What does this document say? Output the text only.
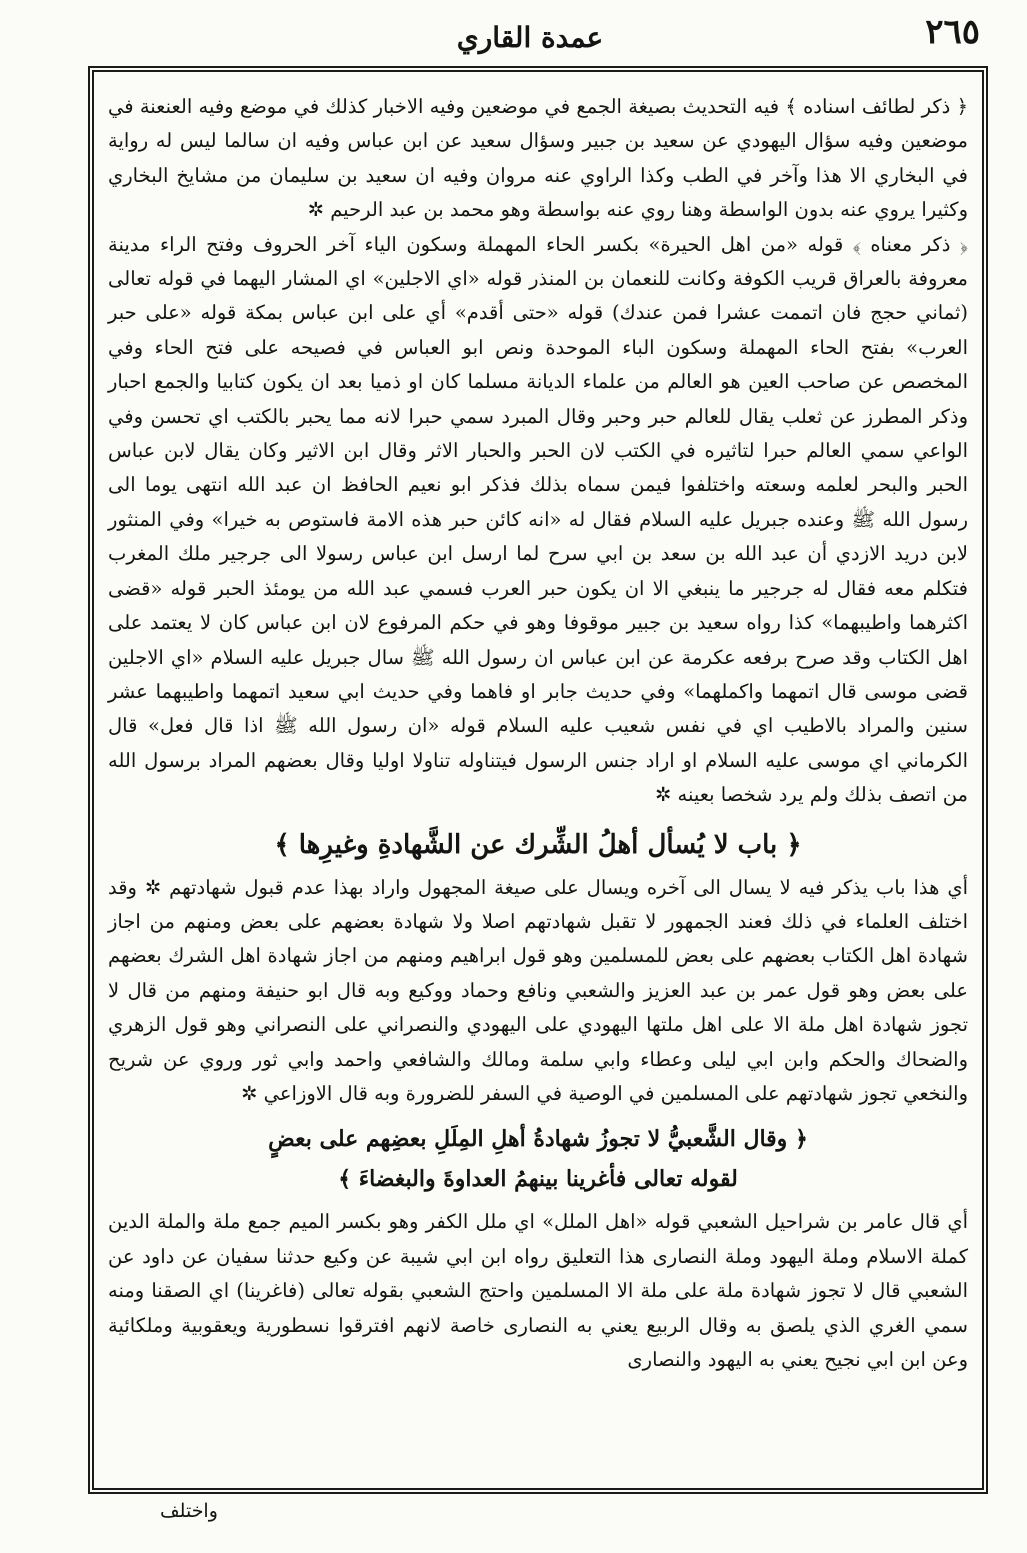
٢٦٥
عمدة القاري

﴿ ذكر لطائف اسناده ﴾ فيه التحديث بصيغة الجمع في موضعين وفيه الاخبار كذلك في موضع وفيه العنعنة في موضعين وفيه سؤال اليهودي عن سعيد بن جبير وسؤال سعيد عن ابن عباس وفيه ان سالما ليس له رواية في البخاري الا هذا وآخر في الطب وكذا الراوي عنه مروان وفيه ان سعيد بن سليمان من مشايخ البخاري وكثيرا يروي عنه بدون الواسطة وهنا روي عنه بواسطة وهو محمد بن عبد الرحيم ✲

﴿ ذكر معناه ﴾ قوله «من اهل الحيرة» بكسر الحاء المهملة وسكون الياء آخر الحروف وفتح الراء مدينة معروفة بالعراق قريب الكوفة وكانت للنعمان بن المنذر قوله «اي الاجلين» اي المشار اليهما في قوله تعالى (ثماني حجج فان اتممت عشرا فمن عندك) قوله «حتى أقدم» أي على ابن عباس بمكة قوله «على حبر العرب» بفتح الحاء المهملة وسكون الباء الموحدة ونص ابو العباس في فصيحه على فتح الحاء وفي المخصص عن صاحب العين هو العالم من علماء الديانة مسلما كان او ذميا بعد ان يكون كتابيا والجمع احبار وذكر المطرز عن ثعلب يقال للعالم حبر وحبر وقال المبرد سمي حبرا لانه مما يحبر بالكتب اي تحسن وفي الواعي سمي العالم حبرا لتاثيره في الكتب لان الحبر والحبار الاثر وقال ابن الاثير وكان يقال لابن عباس الحبر والبحر لعلمه وسعته واختلفوا فيمن سماه بذلك فذكر ابو نعيم الحافظ ان عبد الله انتهى يوما الى رسول الله ﷺ وعنده جبريل عليه السلام فقال له «انه كائن حبر هذه الامة فاستوص به خيرا» وفي المنثور لابن دريد الازدي أن عبد الله بن سعد بن ابي سرح لما ارسل ابن عباس رسولا الى جرجير ملك المغرب فتكلم معه فقال له جرجير ما ينبغي الا ان يكون حبر العرب فسمي عبد الله من يومئذ الحبر قوله «قضى اكثرهما واطيبهما» كذا رواه سعيد بن جبير موقوفا وهو في حكم المرفوع لان ابن عباس كان لا يعتمد على اهل الكتاب وقد صرح برفعه عكرمة عن ابن عباس ان رسول الله ﷺ سال جبريل عليه السلام «اي الاجلين قضى موسى قال اتمهما واكملهما» وفي حديث جابر او فاهما وفي حديث ابي سعيد اتمهما واطيبهما عشر سنين والمراد بالاطيب اي في نفس شعيب عليه السلام قوله «ان رسول الله ﷺ اذا قال فعل» قال الكرماني اي موسى عليه السلام او اراد جنس الرسول فيتناوله تناولا اوليا وقال بعضهم المراد برسول الله من اتصف بذلك ولم يرد شخصا بعينه ✲

﴿ باب لا يُسأل أهلُ الشِّرك عن الشَّهادةِ وغيرِها ﴾

أي هذا باب يذكر فيه لا يسال الى آخره ويسال على صيغة المجهول واراد بهذا عدم قبول شهادتهم ✲ وقد اختلف العلماء في ذلك فعند الجمهور لا تقبل شهادتهم اصلا ولا شهادة بعضهم على بعض ومنهم من اجاز شهادة اهل الكتاب بعضهم على بعض للمسلمين وهو قول ابراهيم ومنهم من اجاز شهادة اهل الشرك بعضهم على بعض وهو قول عمر بن عبد العزيز والشعبي ونافع وحماد ووكيع وبه قال ابو حنيفة ومنهم من قال لا تجوز شهادة اهل ملة الا على اهل ملتها اليهودي على اليهودي والنصراني على النصراني وهو قول الزهري والضحاك والحكم وابن ابي ليلى وعطاء وابي سلمة ومالك والشافعي واحمد وابي ثور وروي عن شريح والنخعي تجوز شهادتهم على المسلمين في الوصية في السفر للضرورة وبه قال الاوزاعي ✲

﴿ وقال الشَّعبيُّ لا تجوزُ شهادةُ أهلِ المِلَلِ بعضِهم على بعضٍ
لقوله تعالى فأغرينا بينهمُ العداوةَ والبغضاءَ ﴾

أي قال عامر بن شراحيل الشعبي قوله «اهل الملل» اي ملل الكفر وهو بكسر الميم جمع ملة والملة الدين كملة الاسلام وملة اليهود وملة النصارى هذا التعليق رواه ابن ابي شيبة عن وكيع حدثنا سفيان عن داود عن الشعبي قال لا تجوز شهادة ملة على ملة الا المسلمين واحتج الشعبي بقوله تعالى (فاغرينا) اي الصقنا ومنه سمي الغري الذي يلصق به وقال الربيع يعني به النصارى خاصة لانهم افترقوا نسطورية ويعقوبية وملكائية وعن ابن ابي نجيح يعني به اليهود والنصارى

واختلف
